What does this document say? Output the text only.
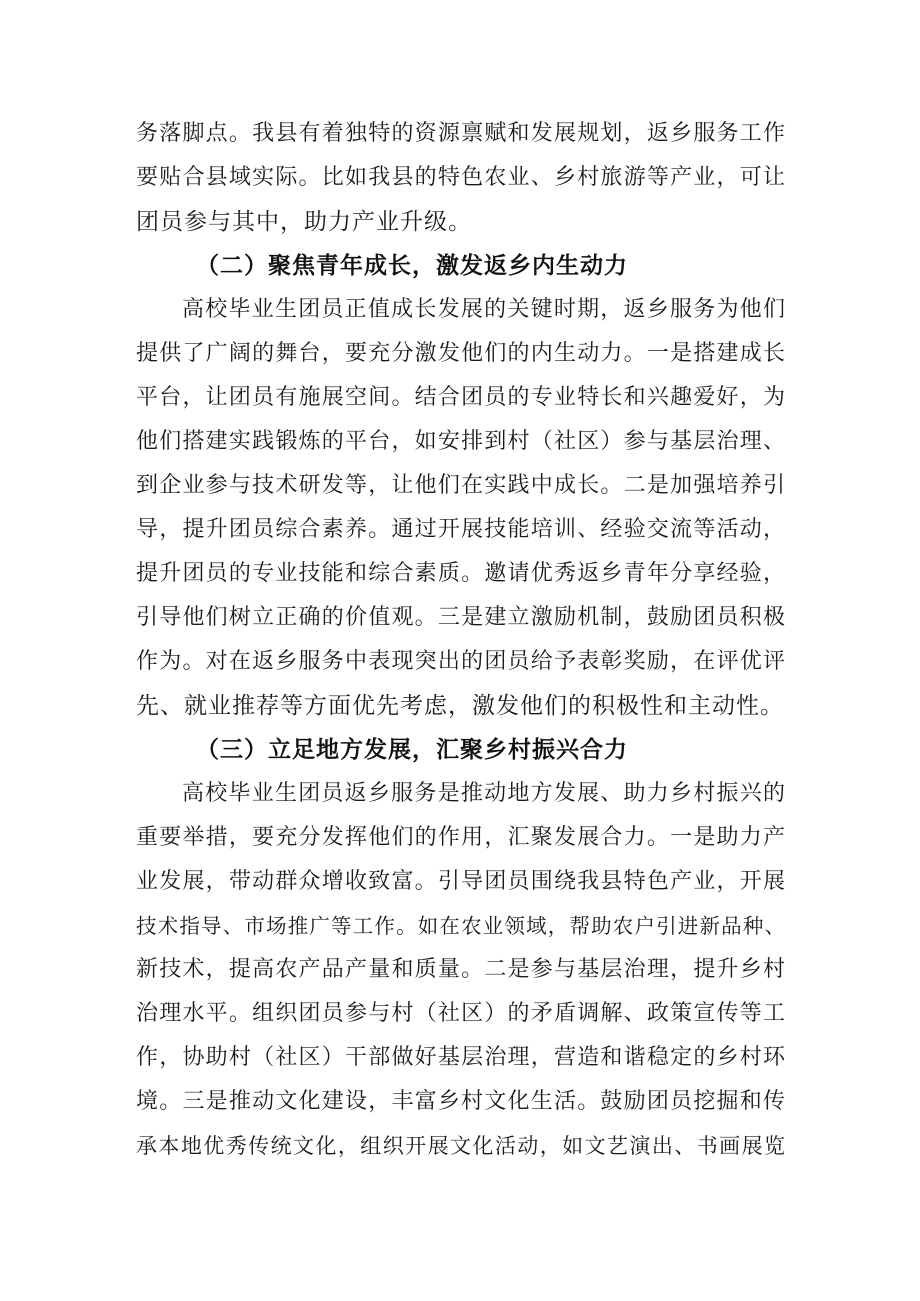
务落脚点。我县有着独特的资源禀赋和发展规划，返乡服务工作
要贴合县域实际。比如我县的特色农业、乡村旅游等产业，可让
团员参与其中，助力产业升级。
（二）聚焦青年成长，激发返乡内生动力
高校毕业生团员正值成长发展的关键时期，返乡服务为他们
提供了广阔的舞台，要充分激发他们的内生动力。一是搭建成长
平台，让团员有施展空间。结合团员的专业特长和兴趣爱好，为
他们搭建实践锻炼的平台，如安排到村（社区）参与基层治理、
到企业参与技术研发等，让他们在实践中成长。二是加强培养引
导，提升团员综合素养。通过开展技能培训、经验交流等活动，
提升团员的专业技能和综合素质。邀请优秀返乡青年分享经验，
引导他们树立正确的价值观。三是建立激励机制，鼓励团员积极
作为。对在返乡服务中表现突出的团员给予表彰奖励，在评优评
先、就业推荐等方面优先考虑，激发他们的积极性和主动性。
（三）立足地方发展，汇聚乡村振兴合力
高校毕业生团员返乡服务是推动地方发展、助力乡村振兴的
重要举措，要充分发挥他们的作用，汇聚发展合力。一是助力产
业发展，带动群众增收致富。引导团员围绕我县特色产业，开展
技术指导、市场推广等工作。如在农业领域，帮助农户引进新品种、
新技术，提高农产品产量和质量。二是参与基层治理，提升乡村
治理水平。组织团员参与村（社区）的矛盾调解、政策宣传等工
作，协助村（社区）干部做好基层治理，营造和谐稳定的乡村环
境。三是推动文化建设，丰富乡村文化生活。鼓励团员挖掘和传
承本地优秀传统文化，组织开展文化活动，如文艺演出、书画展览
